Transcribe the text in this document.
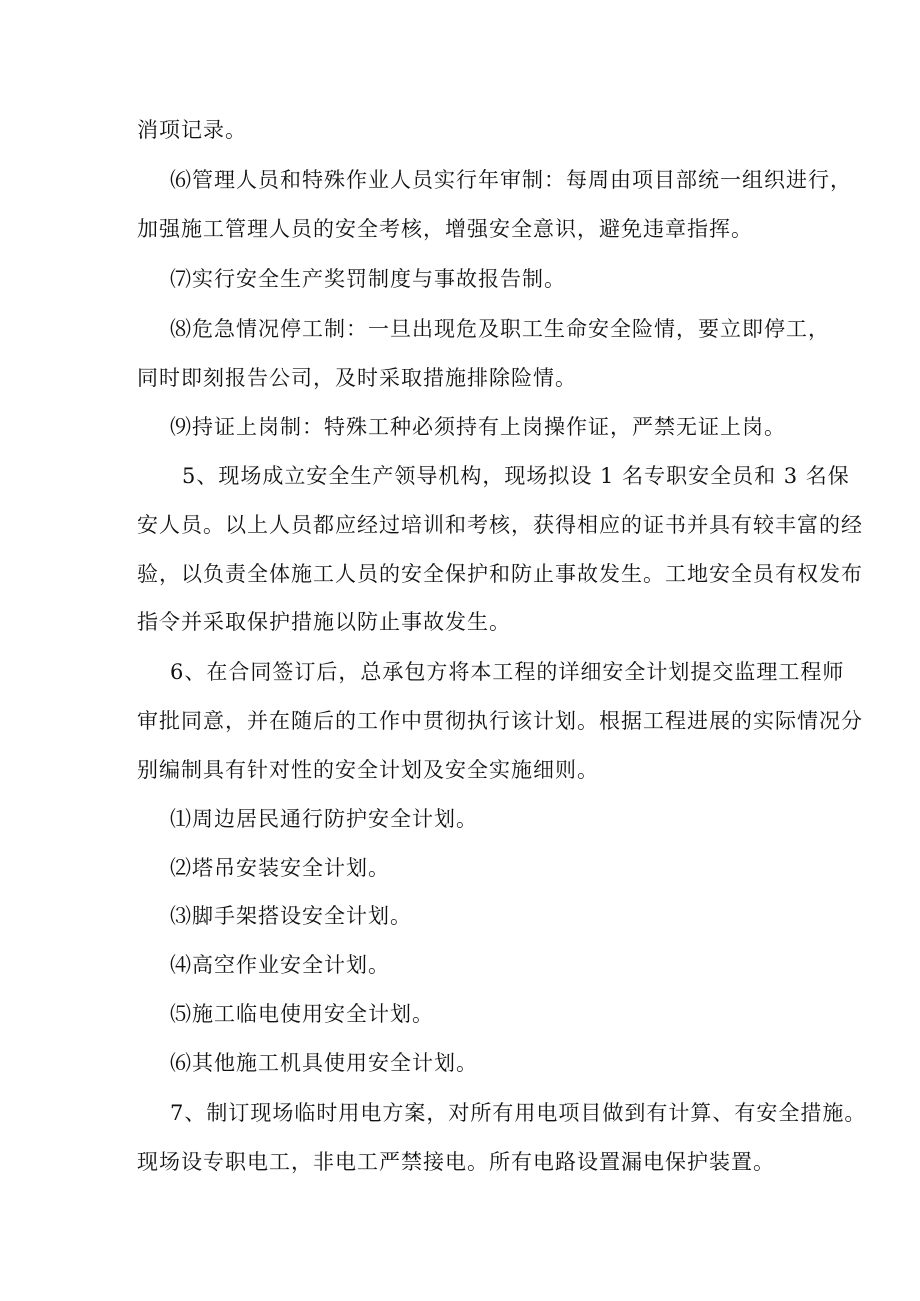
消项记录。
⑹管理人员和特殊作业人员实行年审制：每周由项目部统一组织进行，
加强施工管理人员的安全考核，增强安全意识，避免违章指挥。
⑺实行安全生产奖罚制度与事故报告制。
⑻危急情况停工制：一旦出现危及职工生命安全险情，要立即停工，
同时即刻报告公司，及时采取措施排除险情。
⑼持证上岗制：特殊工种必须持有上岗操作证，严禁无证上岗。
5、现场成立安全生产领导机构，现场拟设 1 名专职安全员和 3 名保
安人员。以上人员都应经过培训和考核，获得相应的证书并具有较丰富的经
验，以负责全体施工人员的安全保护和防止事故发生。工地安全员有权发布
指令并采取保护措施以防止事故发生。
6、在合同签订后，总承包方将本工程的详细安全计划提交监理工程师
审批同意，并在随后的工作中贯彻执行该计划。根据工程进展的实际情况分
别编制具有针对性的安全计划及安全实施细则。
⑴周边居民通行防护安全计划。
⑵塔吊安装安全计划。
⑶脚手架搭设安全计划。
⑷高空作业安全计划。
⑸施工临电使用安全计划。
⑹其他施工机具使用安全计划。
7、制订现场临时用电方案，对所有用电项目做到有计算、有安全措施。
现场设专职电工，非电工严禁接电。所有电路设置漏电保护装置。
